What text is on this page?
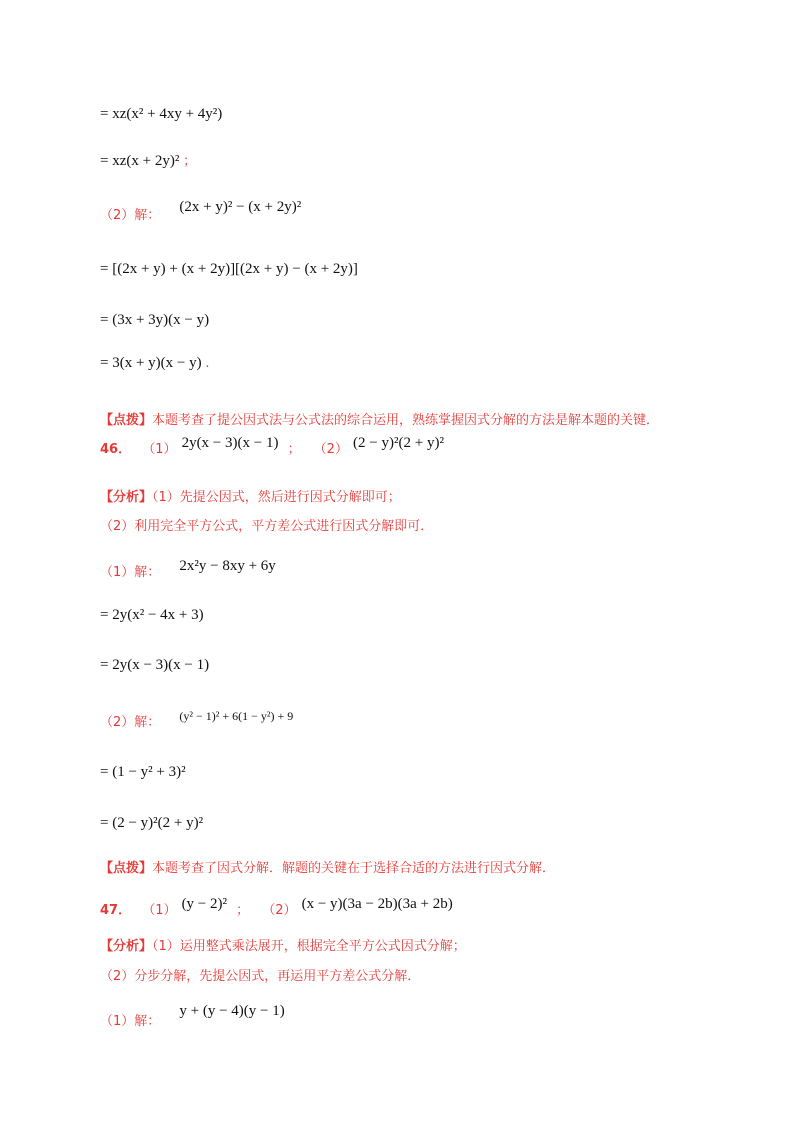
= xz(x² + 4xy + 4y²)
= xz(x + 2y)² ；
（2）解： (2x + y)² − (x + 2y)²
= [(2x + y) + (x + 2y)][(2x + y) − (x + 2y)]
= (3x + 3y)(x − y)
= 3(x + y)(x − y) .
【点拨】本题考查了提公因式法与公式法的综合运用，熟练掌握因式分解的方法是解本题的关键．
46． （1） 2y(x − 3)(x − 1) ； （2） (2 − y)²(2 + y)²
【分析】（1）先提公因式，然后进行因式分解即可；
（2）利用完全平方公式，平方差公式进行因式分解即可．
（1）解： 2x²y − 8xy + 6y
= 2y(x² − 4x + 3)
= 2y(x − 3)(x − 1)
（2）解： (y² − 1)² + 6(1 − y²) + 9
= (1 − y² + 3)²
= (2 − y)²(2 + y)²
【点拨】本题考查了因式分解．解题的关键在于选择合适的方法进行因式分解．
$_{47.}$ $_{(1)}$ (y − 2)² $_;$ $_{(2)}$ (x − y)(3a − 2b)(3a + 2b)
【分析】（1）运用整式乘法展开，根据完全平方公式因式分解；
（2）分步分解，先提公因式，再运用平方差公式分解．
（1）解： y + (y − 4)(y − 1)
